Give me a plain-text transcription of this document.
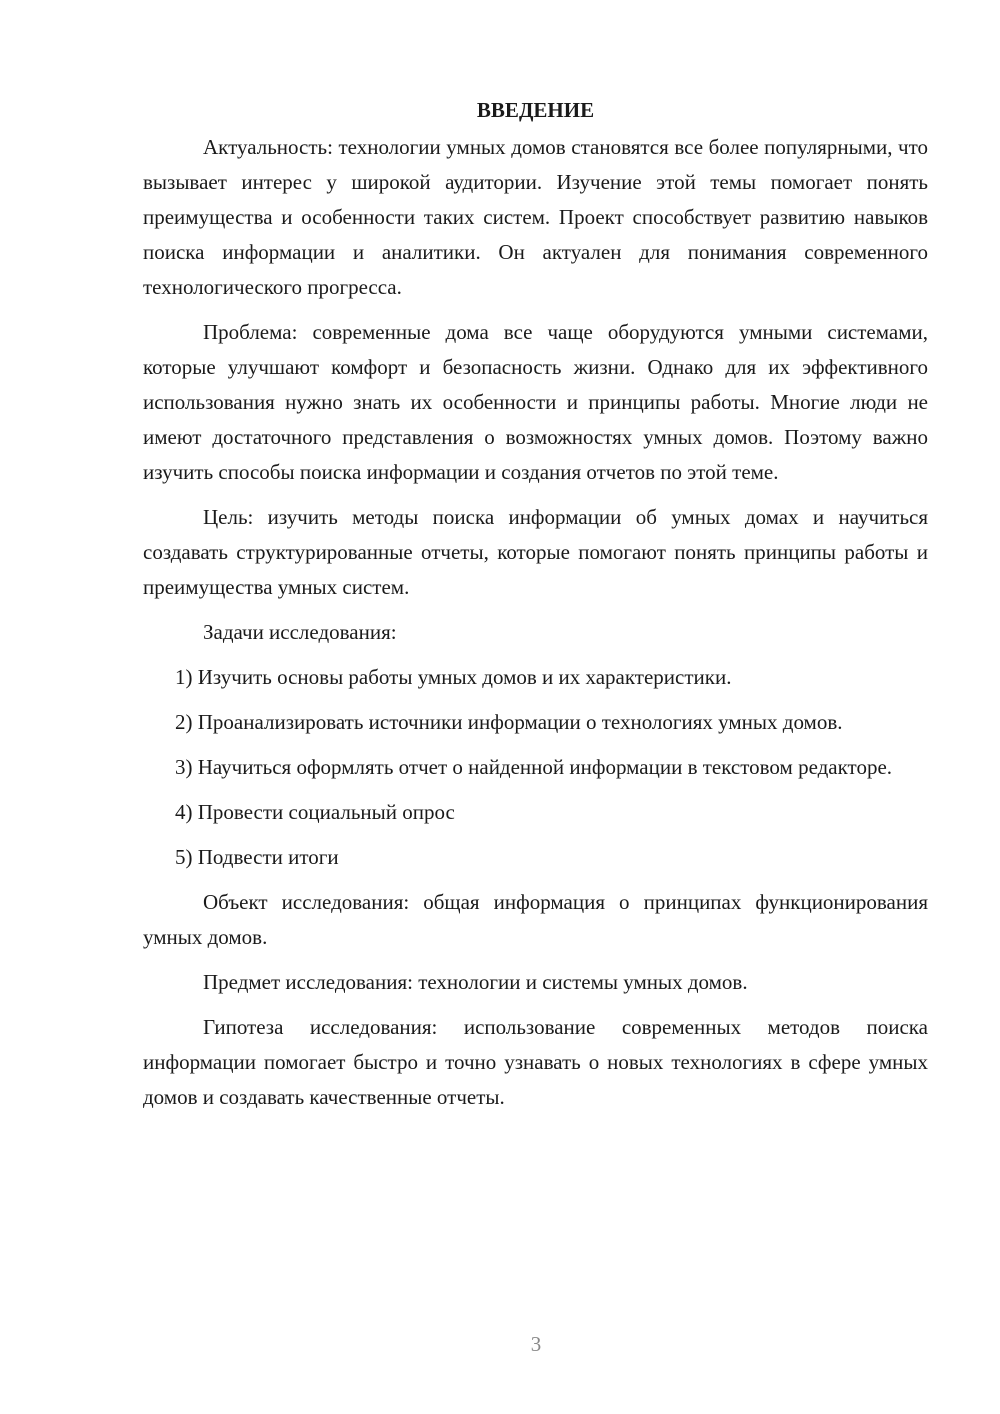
ВВЕДЕНИЕ

Актуальность: технологии умных домов становятся все более популярными, что вызывает интерес у широкой аудитории. Изучение этой темы помогает понять преимущества и особенности таких систем. Проект способствует развитию навыков поиска информации и аналитики. Он актуален для понимания современного технологического прогресса.

Проблема: современные дома все чаще оборудуются умными системами, которые улучшают комфорт и безопасность жизни. Однако для их эффективного использования нужно знать их особенности и принципы работы. Многие люди не имеют достаточного представления о возможностях умных домов. Поэтому важно изучить способы поиска информации и создания отчетов по этой теме.

Цель: изучить методы поиска информации об умных домах и научиться создавать структурированные отчеты, которые помогают понять принципы работы и преимущества умных систем.

Задачи исследования:

1) Изучить основы работы умных домов и их характеристики.

2) Проанализировать источники информации о технологиях умных домов.

3) Научиться оформлять отчет о найденной информации в текстовом редакторе.

4) Провести социальный опрос

5) Подвести итоги

Объект исследования: общая информация о принципах функционирования умных домов.

Предмет исследования: технологии и системы умных домов.

Гипотеза исследования: использование современных методов поиска информации помогает быстро и точно узнавать о новых технологиях в сфере умных домов и создавать качественные отчеты.

3
